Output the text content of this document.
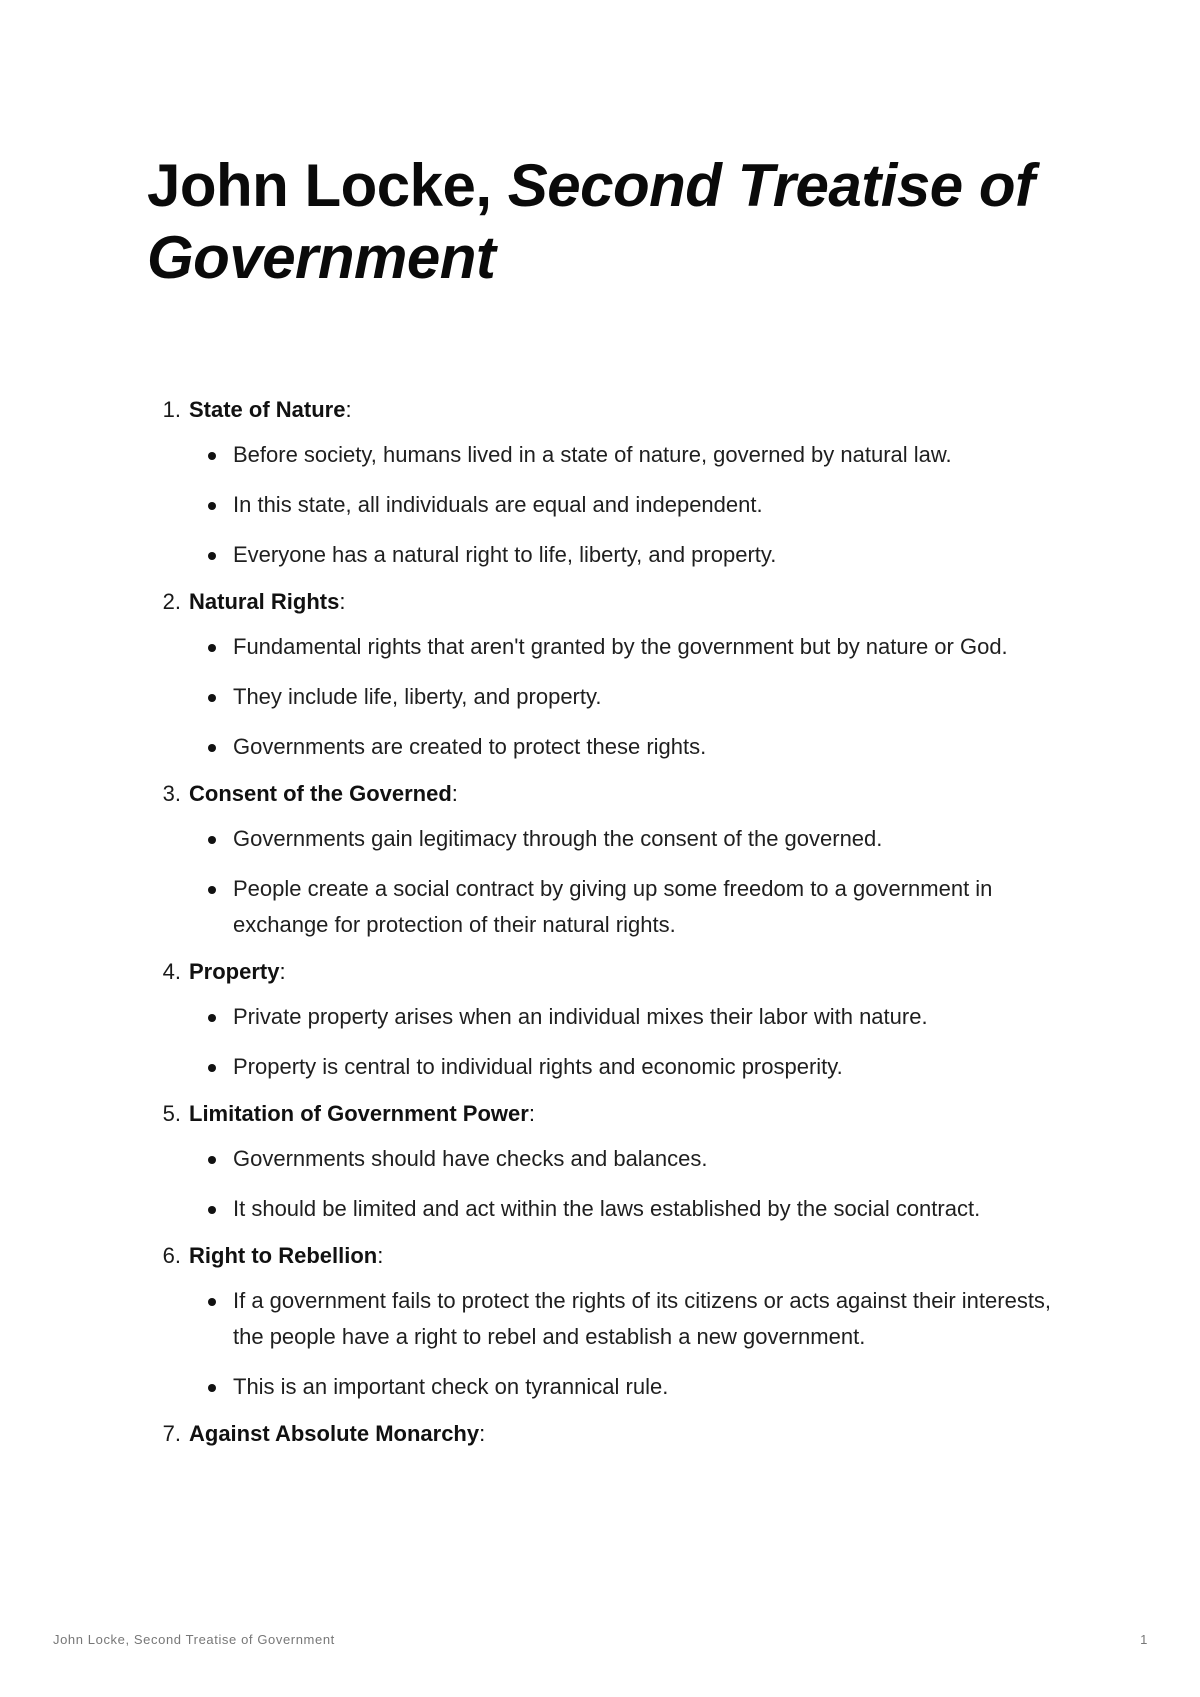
John Locke, Second Treatise of Government
1. State of Nature :
Before society, humans lived in a state of nature, governed by natural law.
In this state, all individuals are equal and independent.
Everyone has a natural right to life, liberty, and property.
2. Natural Rights :
Fundamental rights that aren't granted by the government but by nature or God.
They include life, liberty, and property.
Governments are created to protect these rights.
3. Consent of the Governed :
Governments gain legitimacy through the consent of the governed.
People create a social contract by giving up some freedom to a government in exchange for protection of their natural rights.
4. Property :
Private property arises when an individual mixes their labor with nature.
Property is central to individual rights and economic prosperity.
5. Limitation of Government Power :
Governments should have checks and balances.
It should be limited and act within the laws established by the social contract.
6. Right to Rebellion :
If a government fails to protect the rights of its citizens or acts against their interests, the people have a right to rebel and establish a new government.
This is an important check on tyrannical rule.
7. Against Absolute Monarchy :
John Locke, Second Treatise of Government	1
